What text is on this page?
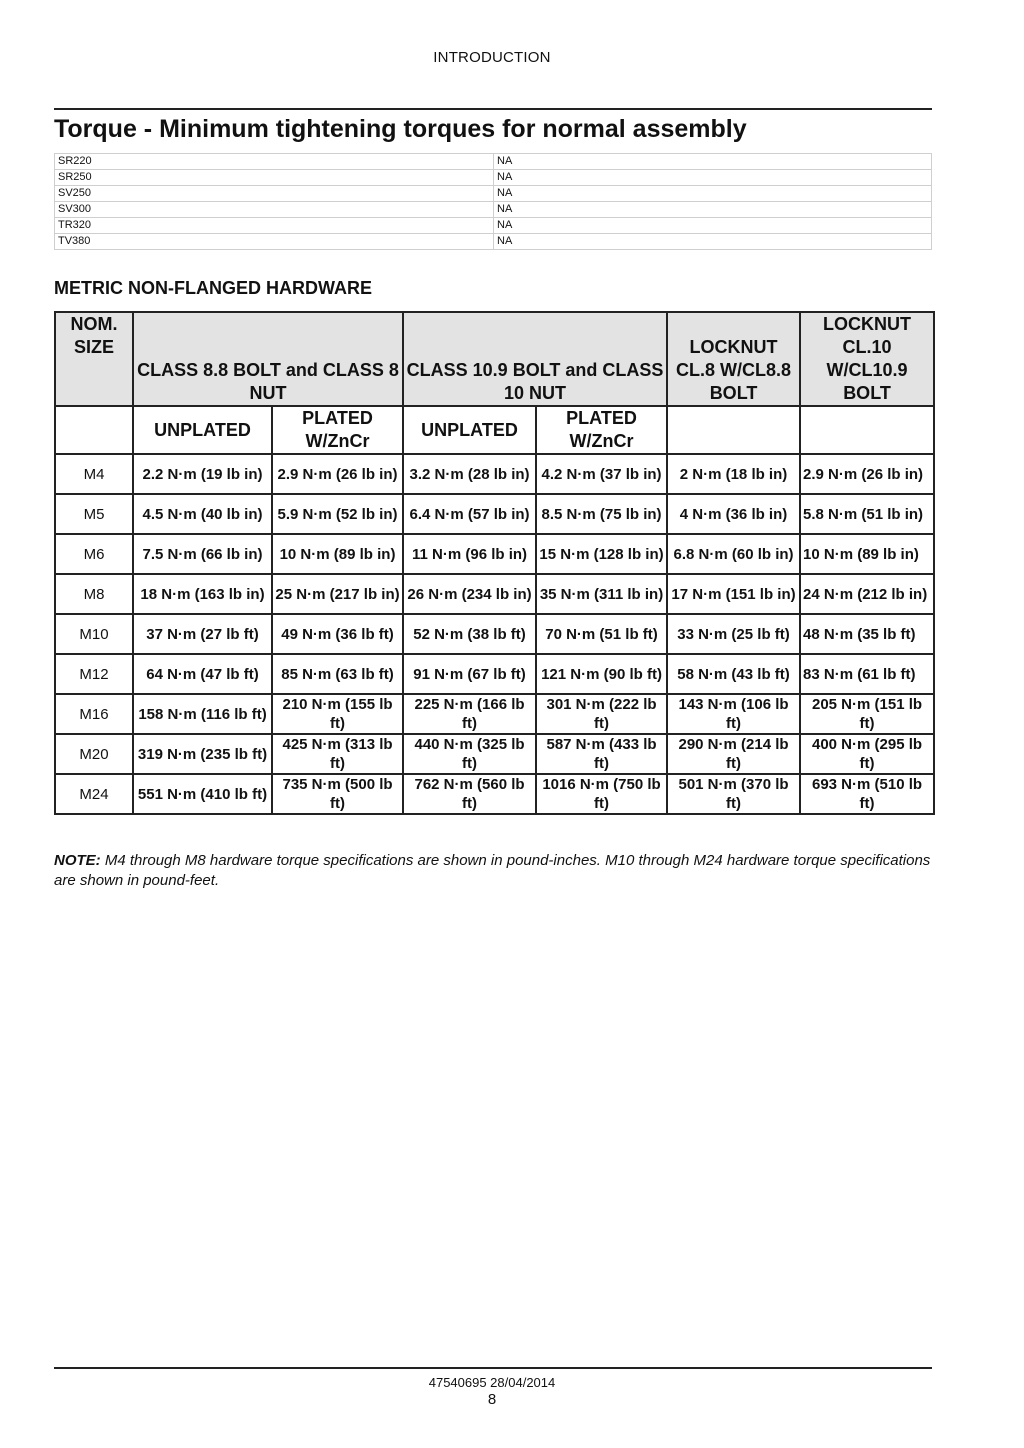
INTRODUCTION
Torque - Minimum tightening torques for normal assembly
SR220	NA
SR250	NA
SV250	NA
SV300	NA
TR320	NA
TV380	NA
METRIC NON-FLANGED HARDWARE
NOM. SIZE	CLASS 8.8 BOLT and CLASS 8 NUT		CLASS 10.9 BOLT and CLASS 10 NUT		LOCKNUT CL.8 W/CL8.8 BOLT	LOCKNUT CL.10 W/CL10.9 BOLT
	UNPLATED	PLATED W/ZnCr	UNPLATED	PLATED W/ZnCr		
M4	2.2 N·m (19 lb in)	2.9 N·m (26 lb in)	3.2 N·m (28 lb in)	4.2 N·m (37 lb in)	2 N·m (18 lb in)	2.9 N·m (26 lb in)
M5	4.5 N·m (40 lb in)	5.9 N·m (52 lb in)	6.4 N·m (57 lb in)	8.5 N·m (75 lb in)	4 N·m (36 lb in)	5.8 N·m (51 lb in)
M6	7.5 N·m (66 lb in)	10 N·m (89 lb in)	11 N·m (96 lb in)	15 N·m (128 lb in)	6.8 N·m (60 lb in)	10 N·m (89 lb in)
M8	18 N·m (163 lb in)	25 N·m (217 lb in)	26 N·m (234 lb in)	35 N·m (311 lb in)	17 N·m (151 lb in)	24 N·m (212 lb in)
M10	37 N·m (27 lb ft)	49 N·m (36 lb ft)	52 N·m (38 lb ft)	70 N·m (51 lb ft)	33 N·m (25 lb ft)	48 N·m (35 lb ft)
M12	64 N·m (47 lb ft)	85 N·m (63 lb ft)	91 N·m (67 lb ft)	121 N·m (90 lb ft)	58 N·m (43 lb ft)	83 N·m (61 lb ft)
M16	158 N·m (116 lb ft)	210 N·m (155 lb ft)	225 N·m (166 lb ft)	301 N·m (222 lb ft)	143 N·m (106 lb ft)	205 N·m (151 lb ft)
M20	319 N·m (235 lb ft)	425 N·m (313 lb ft)	440 N·m (325 lb ft)	587 N·m (433 lb ft)	290 N·m (214 lb ft)	400 N·m (295 lb ft)
M24	551 N·m (410 lb ft)	735 N·m (500 lb ft)	762 N·m (560 lb ft)	1016 N·m (750 lb ft)	501 N·m (370 lb ft)	693 N·m (510 lb ft)

NOTE: M4 through M8 hardware torque specifications are shown in pound-inches. M10 through M24 hardware torque specifications are shown in pound-feet.

47540695 28/04/2014
8
